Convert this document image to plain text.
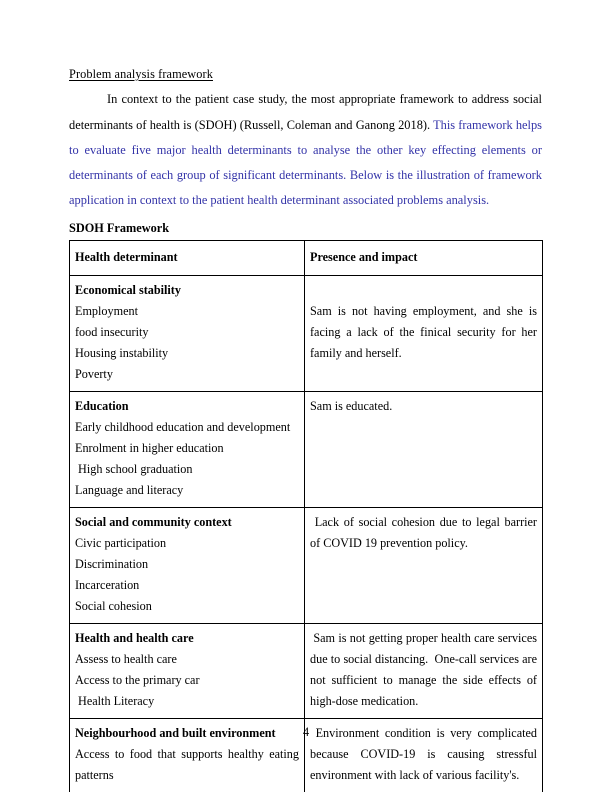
Problem analysis framework

In context to the patient case study, the most appropriate framework to address social determinants of health is (SDOH) (Russell, Coleman and Ganong 2018). This framework helps to evaluate five major health determinants to analyse the other key effecting elements or determinants of each group of significant determinants. Below is the illustration of framework application in context to the patient health determinant associated problems analysis.

SDOH Framework
Health determinant	Presence and impact

Economical stability
Employment
food insecurity
Housing instability
Poverty	Sam is not having employment, and she is facing a lack of the finical security for her family and herself.

Education
Early childhood education and development
Enrolment in higher education
High school graduation
Language and literacy	Sam is educated.

Social and community context
Civic participation
Discrimination
Incarceration
Social cohesion	Lack of social cohesion due to legal barrier of COVID 19 prevention policy.

Health and health care
Assess to health care
Access to the primary car
Health Literacy	Sam is not getting proper health care services due to social distancing.  One-call services are not sufficient to manage the side effects of high-dose medication.

Neighbourhood and built environment
Access to food that supports healthy eating patterns	Environment condition is very complicated because COVID-19 is causing stressful environment with lack of various facility's.
4
